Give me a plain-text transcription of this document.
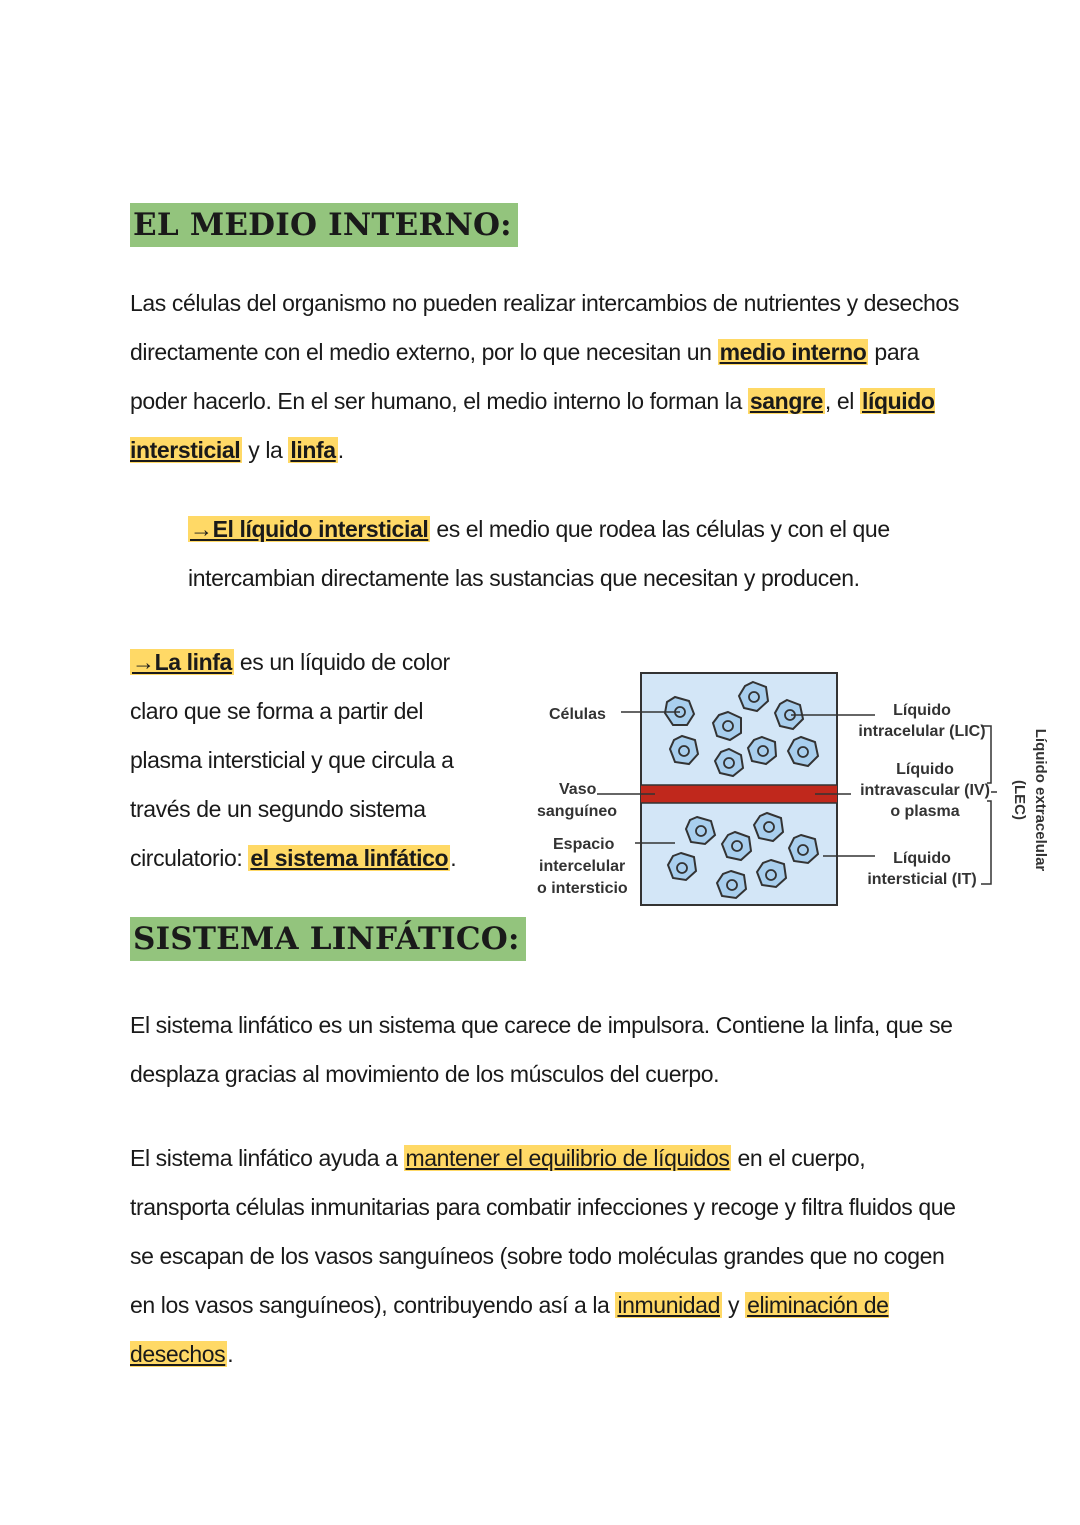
EL MEDIO INTERNO:

Las células del organismo no pueden realizar intercambios de nutrientes y desechos directamente con el medio externo, por lo que necesitan un medio interno para poder hacerlo. En el ser humano, el medio interno lo forman la sangre, el líquido intersticial y la linfa.

→El líquido intersticial es el medio que rodea las células y con el que intercambian directamente las sustancias que necesitan y producen.

→La linfa es un líquido de color claro que se forma a partir del plasma intersticial y que circula a través de un segundo sistema circulatorio: el sistema linfático.

Células
Vaso
sanguíneo
Espacio
intercelular
o intersticio
Líquido
intracelular (LIC)
Líquido
intravascular (IV)
o plasma
Líquido
intersticial (IT)
Líquido extracelular
(LEC)
SISTEMA LINFÁTICO:

El sistema linfático es un sistema que carece de impulsora. Contiene la linfa, que se desplaza gracias al movimiento de los músculos del cuerpo.

El sistema linfático ayuda a mantener el equilibrio de líquidos en el cuerpo, transporta células inmunitarias para combatir infecciones y recoge y filtra fluidos que se escapan de los vasos sanguíneos (sobre todo moléculas grandes que no cogen en los vasos sanguíneos), contribuyendo así a la inmunidad y eliminación de desechos.
